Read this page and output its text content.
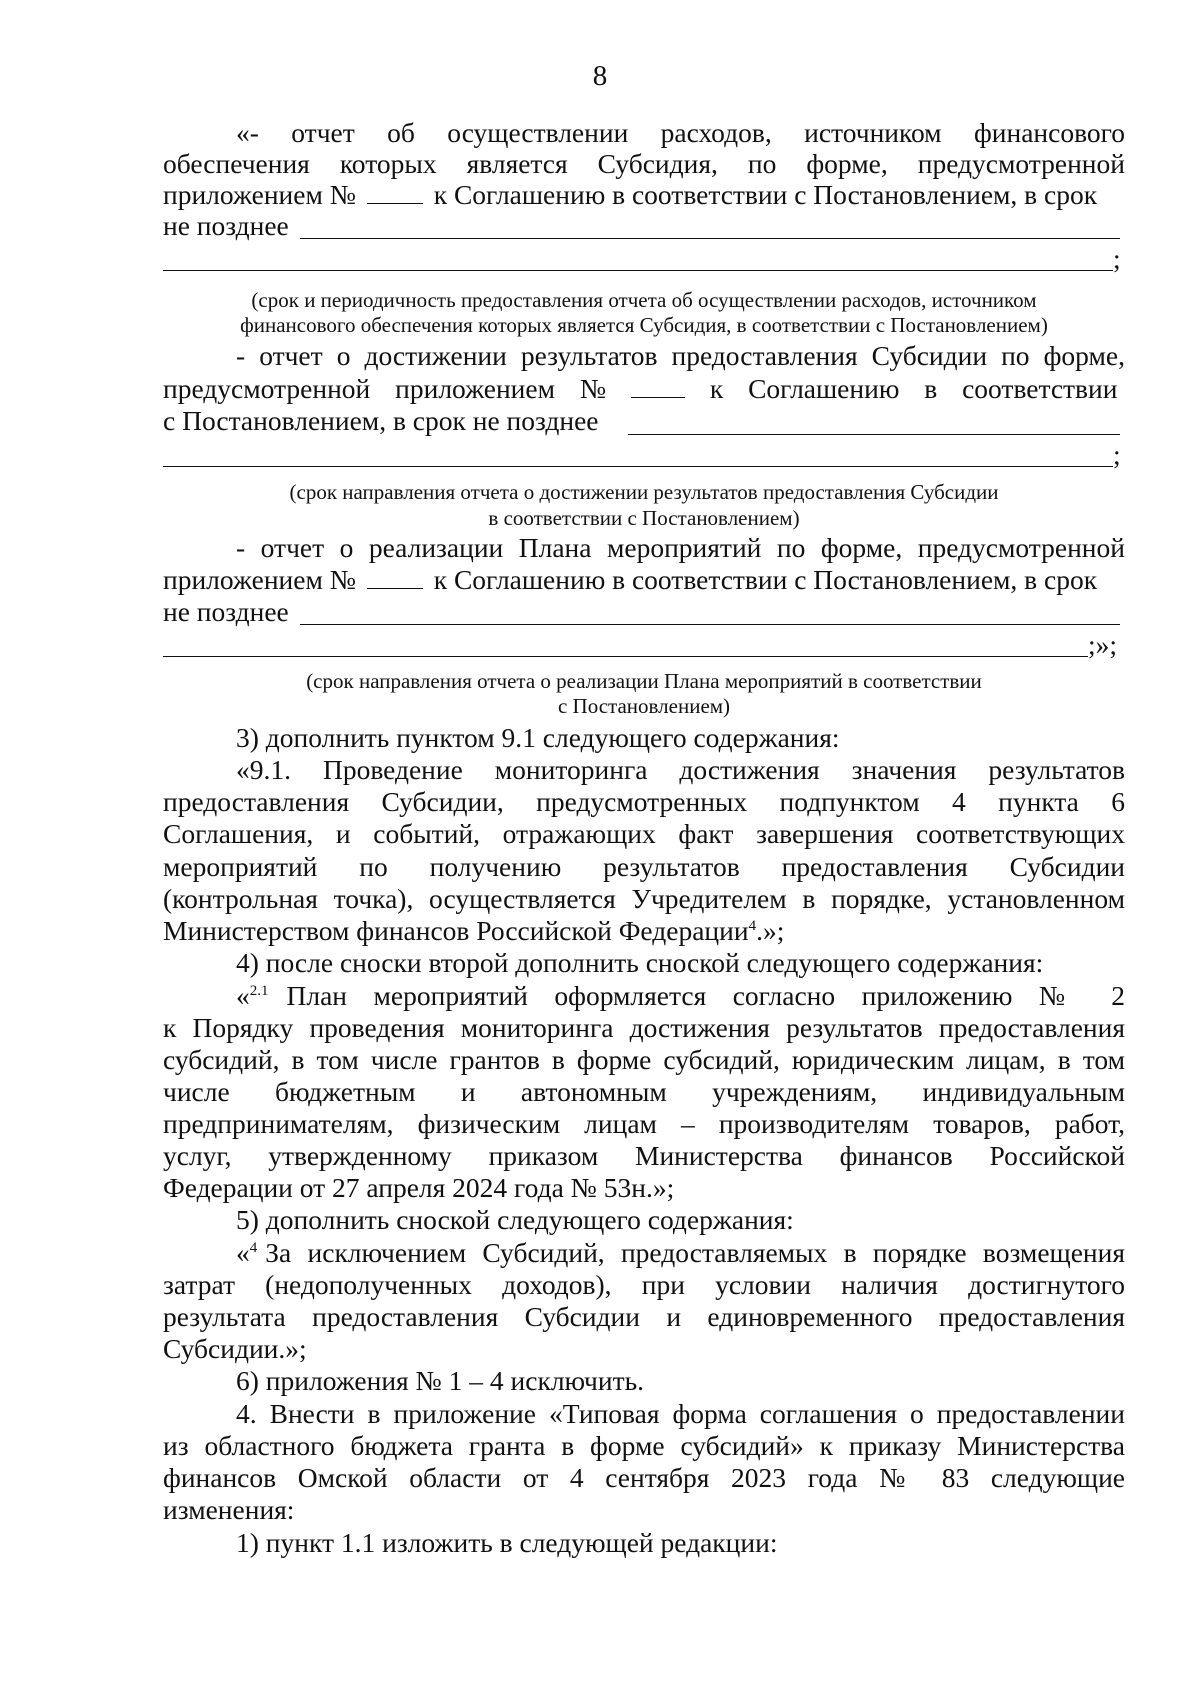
8
«- отчет об осуществлении расходов, источником финансового
обеспечения которых является Субсидия, по форме, предусмотренной
приложением №	к Соглашению в соответствии с Постановлением, в срок
не позднее
;
(срок и периодичность предоставления отчета об осуществлении расходов, источником
финансового обеспечения которых является Субсидия, в соответствии с Постановлением)
- отчет о достижении результатов предоставления Субсидии по форме,
предусмотренной приложением №	к Соглашению в соответствии
с Постановлением, в срок не позднее
;
(срок направления отчета о достижении результатов предоставления Субсидии
в соответствии с Постановлением)
- отчет о реализации Плана мероприятий по форме, предусмотренной
приложением №	к Соглашению в соответствии с Постановлением, в срок
не позднее
;»;
(срок направления отчета о реализации Плана мероприятий в соответствии
с Постановлением)
3) дополнить пунктом 9.1 следующего содержания:
«9.1. Проведение мониторинга достижения значения результатов
предоставления Субсидии, предусмотренных подпунктом 4 пункта 6
Соглашения, и событий, отражающих факт завершения соответствующих
мероприятий по получению результатов предоставления Субсидии
(контрольная точка), осуществляется Учредителем в порядке, установленном
Министерством финансов Российской Федерации$^4$.»;
4) после сноски второй дополнить сноской следующего содержания:
«$^{2.1}$ План мероприятий оформляется согласно приложению № 2
к Порядку проведения мониторинга достижения результатов предоставления
субсидий, в том числе грантов в форме субсидий, юридическим лицам, в том
числе бюджетным и автономным учреждениям, индивидуальным
предпринимателям, физическим лицам – производителям товаров, работ,
услуг, утвержденному приказом Министерства финансов Российской
Федерации от 27 апреля 2024 года № 53н.»;
5) дополнить сноской следующего содержания:
«$^4$ За исключением Субсидий, предоставляемых в порядке возмещения
затрат (недополученных доходов), при условии наличия достигнутого
результата предоставления Субсидии и единовременного предоставления
Субсидии.»;
6) приложения № 1 – 4 исключить.
4. Внести в приложение «Типовая форма соглашения о предоставлении
из областного бюджета гранта в форме субсидий» к приказу Министерства
финансов Омской области от 4 сентября 2023 года № 83 следующие
изменения:
1) пункт 1.1 изложить в следующей редакции:
